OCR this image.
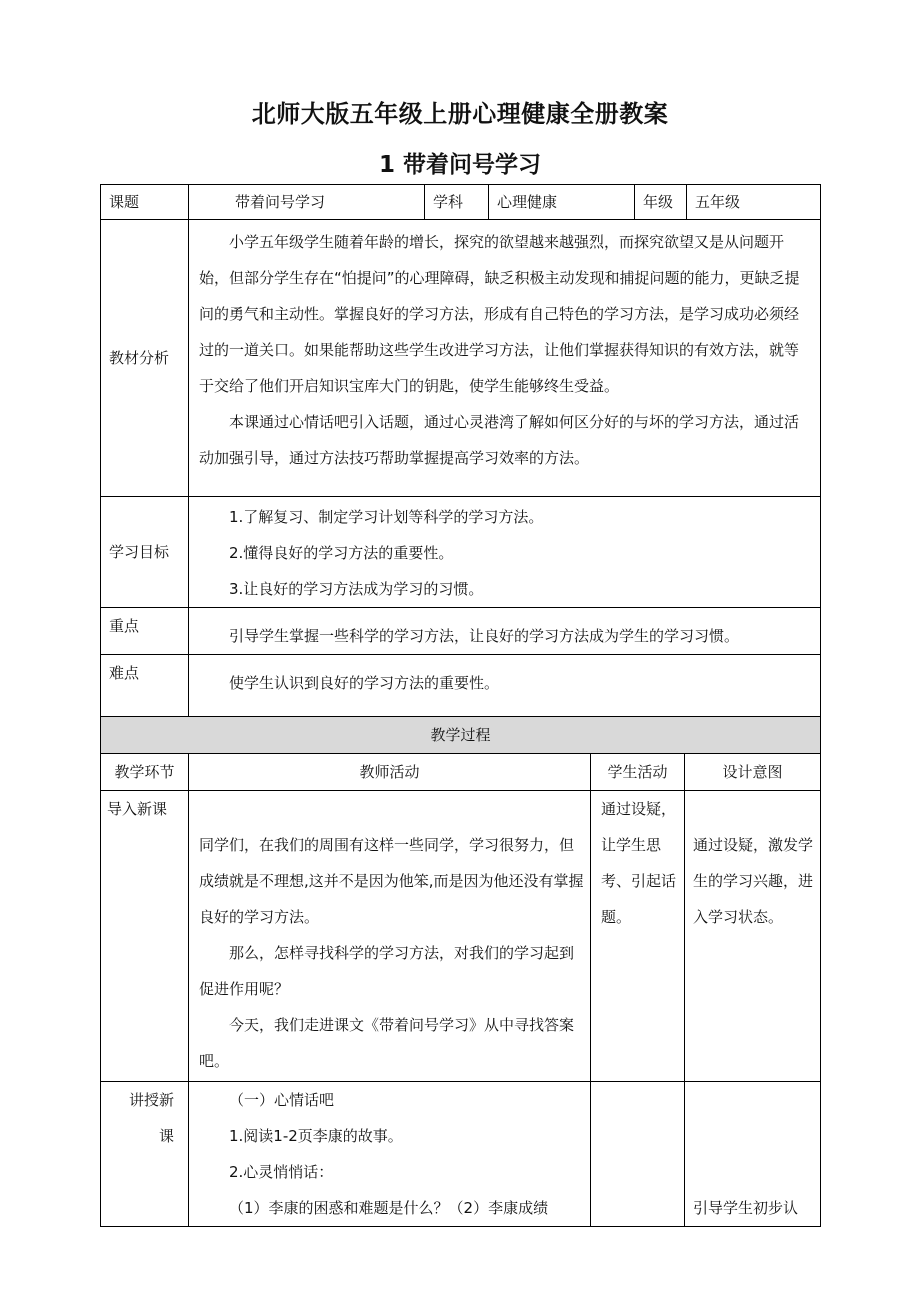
北师大版五年级上册心理健康全册教案
1 带着问号学习
课题	带着问号学习	学科	心理健康	年级	五年级
教材分析	小学五年级学生随着年龄的增长，探究的欲望越来越强烈，而探究欲望又是从问题开始，但部分学生存在“怕提问”的心理障碍，缺乏积极主动发现和捕捉问题的能力，更缺乏提问的勇气和主动性。掌握良好的学习方法，形成有自己特色的学习方法，是学习成功必须经过的一道关口。如果能帮助这些学生改进学习方法，让他们掌握获得知识的有效方法，就等于交给了他们开启知识宝库大门的钥匙，使学生能够终生受益。

本课通过心情话吧引入话题，通过心灵港湾了解如何区分好的与坏的学习方法，通过活动加强引导，通过方法技巧帮助掌握提高学习效率的方法。				

学习目标	1.了解复习、制定学习计划等科学的学习方法。

2.懂得良好的学习方法的重要性。

3.让良好的学习方法成为学习的习惯。				

重点	引导学生掌握一些科学的学习方法，让良好的学习方法成为学生的学习习惯。				

难点	使学生认识到良好的学习方法的重要性。				

教学过程			
教学环节	教师活动	学生活动	设计意图
导入新课	同学们，在我们的周围有这样一些同学，学习很努力，但成绩就是不理想,这并不是因为他笨,而是因为他还没有掌握良好的学习方法。

那么，怎样寻找科学的学习方法，对我们的学习起到促进作用呢？

今天，我们走进课文《带着问号学习》从中寻找答案吧。	通过设疑，让学生思考、引起话题。	通过设疑，激发学生的学习兴趣，进入学习状态。
讲授新课	（一）心情话吧

1.阅读1-2页李康的故事。

2.心灵悄悄话：

（1）李康的困惑和难题是什么？（2）李康成绩		引导学生初步认
